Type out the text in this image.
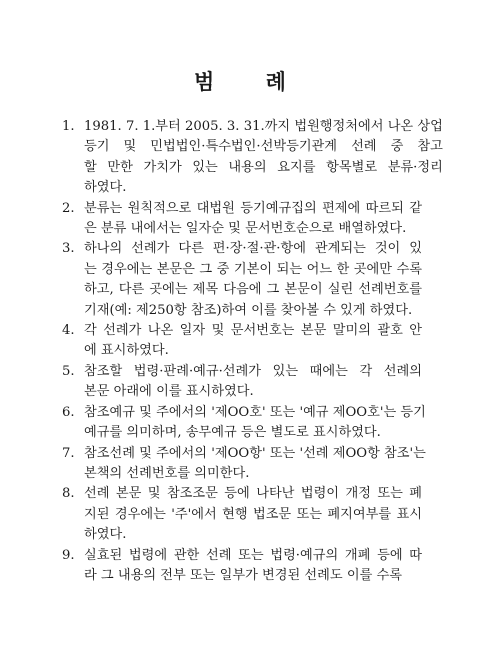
범 례
1. 1981. 7. 1.부터 2005. 3. 31.까지 법원행정처에서 나온 상업
등기 및 민법법인·특수법인·선박등기관계 선례 중 참고
할 만한 가치가 있는 내용의 요지를 항목별로 분류·정리
하였다.
2. 분류는 원칙적으로 대법원 등기예규집의 편제에 따르되 같
은 분류 내에서는 일자순 및 문서번호순으로 배열하였다.
3. 하나의 선례가 다른 편·장·절·관·항에 관계되는 것이 있
는 경우에는 본문은 그 중 기본이 되는 어느 한 곳에만 수록
하고, 다른 곳에는 제목 다음에 그 본문이 실린 선례번호를
기재(예: 제250항 참조)하여 이를 찾아볼 수 있게 하였다.
4. 각 선례가 나온 일자 및 문서번호는 본문 말미의 괄호 안
에 표시하였다.
5. 참조할 법령·판례·예규·선례가 있는 때에는 각 선례의
본문 아래에 이를 표시하였다.
6. 참조예규 및 주에서의 '제OO호' 또는 '예규 제OO호'는 등기
예규를 의미하며, 송무예규 등은 별도로 표시하였다.
7. 참조선례 및 주에서의 '제OO항' 또는 '선례 제OO항 참조'는
본책의 선례번호를 의미한다.
8. 선례 본문 및 참조조문 등에 나타난 법령이 개정 또는 폐
지된 경우에는 '주'에서 현행 법조문 또는 폐지여부를 표시
하였다.
9. 실효된 법령에 관한 선례 또는 법령·예규의 개폐 등에 따
라 그 내용의 전부 또는 일부가 변경된 선례도 이를 수록
